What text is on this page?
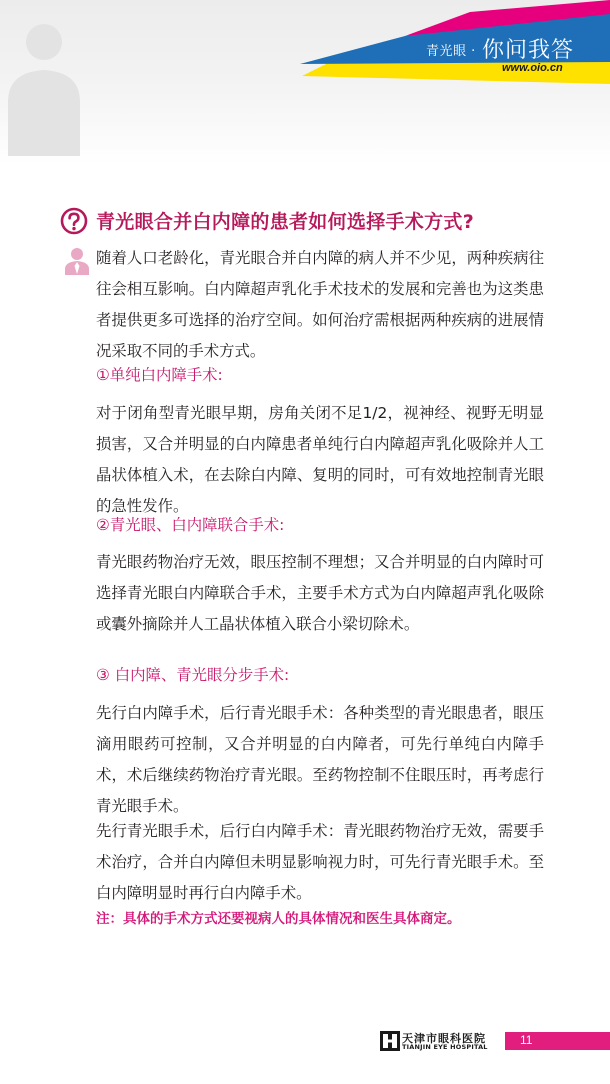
青光眼 · 你问我答
www.oio.cn
青光眼合并白内障的患者如何选择手术方式?

随着人口老龄化，青光眼合并白内障的病人并不少见，两种疾病往往会相互影响。白内障超声乳化手术技术的发展和完善也为这类患者提供更多可选择的治疗空间。如何治疗需根据两种疾病的进展情况采取不同的手术方式。

①单纯白内障手术:

对于闭角型青光眼早期，房角关闭不足1/2，视神经、视野无明显损害，又合并明显的白内障患者单纯行白内障超声乳化吸除并人工晶状体植入术，在去除白内障、复明的同时，可有效地控制青光眼的急性发作。

②青光眼、白内障联合手术:

青光眼药物治疗无效，眼压控制不理想；又合并明显的白内障时可选择青光眼白内障联合手术，主要手术方式为白内障超声乳化吸除或囊外摘除并人工晶状体植入联合小梁切除术。

③ 白内障、青光眼分步手术:

先行白内障手术，后行青光眼手术：各种类型的青光眼患者，眼压滴用眼药可控制，又合并明显的白内障者，可先行单纯白内障手术，术后继续药物治疗青光眼。至药物控制不住眼压时，再考虑行青光眼手术。

先行青光眼手术，后行白内障手术：青光眼药物治疗无效，需要手术治疗，合并白内障但未明显影响视力时，可先行青光眼手术。至白内障明显时再行白内障手术。

注：具体的手术方式还要视病人的具体情况和医生具体商定。

天津市眼科医院
TIANJIN EYE HOSPITAL	11
